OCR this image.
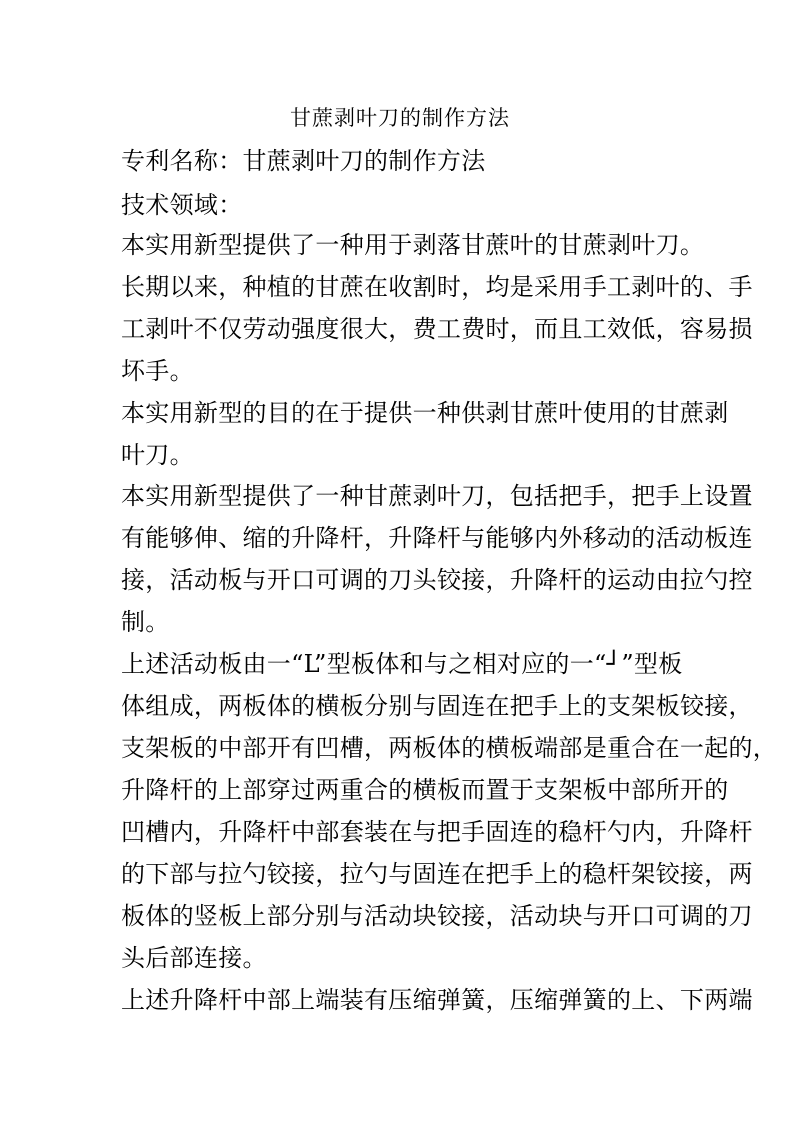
甘蔗剥叶刀的制作方法
专利名称：甘蔗剥叶刀的制作方法
技术领域：
本实用新型提供了一种用于剥落甘蔗叶的甘蔗剥叶刀。
长期以来，种植的甘蔗在收割时，均是采用手工剥叶的、手
工剥叶不仅劳动强度很大，费工费时，而且工效低，容易损
坏手。
本实用新型的目的在于提供一种供剥甘蔗叶使用的甘蔗剥
叶刀。
本实用新型提供了一种甘蔗剥叶刀，包括把手，把手上设置
有能够伸、缩的升降杆，升降杆与能够内外移动的活动板连
接，活动板与开口可调的刀头铰接，升降杆的运动由拉勺控
制。
上述活动板由一“L”型板体和与之相对应的一“┘”型板
体组成，两板体的横板分别与固连在把手上的支架板铰接，
支架板的中部开有凹槽，两板体的横板端部是重合在一起的，
升降杆的上部穿过两重合的横板而置于支架板中部所开的
凹槽内，升降杆中部套装在与把手固连的稳杆勺内，升降杆
的下部与拉勺铰接，拉勺与固连在把手上的稳杆架铰接，两
板体的竖板上部分别与活动块铰接，活动块与开口可调的刀
头后部连接。
上述升降杆中部上端装有压缩弹簧，压缩弹簧的上、下两端
